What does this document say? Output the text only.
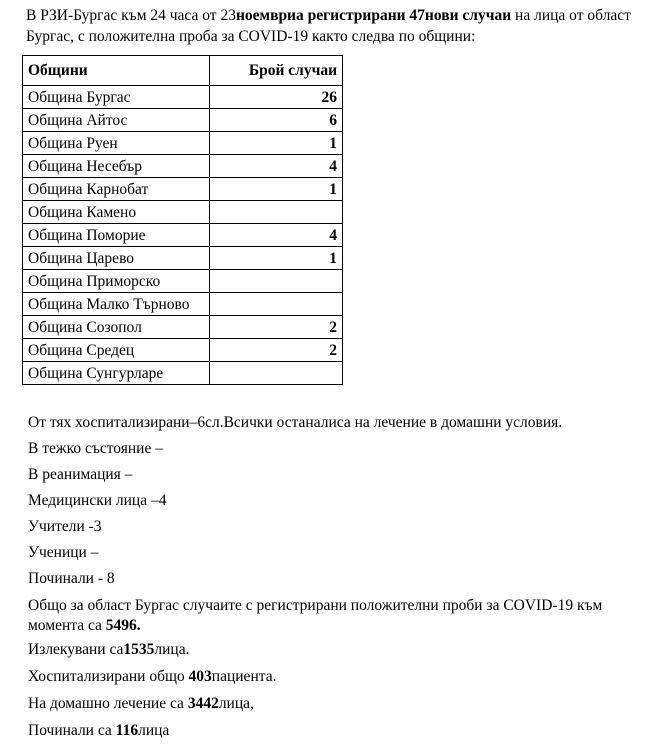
В РЗИ-Бургас към 24 часа от 23ноемвриа регистрирани 47нови случаи на лица от област Бургас, с положителна проба за COVID-19 както следва по общини:

Общини	Брой случаи
Община Бургас	26
Община Айтос	6
Община Руен	1
Община Несебър	4
Община Карнобат	1
Община Камено	
Община Поморие	4
Община Царево	1
Община Приморско	
Община Малко Търново	
Община Созопол	2
Община Средец	2
Община Сунгурларе	

От тях хоспитализирани–6сл.Всички останалиса на лечение в домашни условия.

В тежко състояние –

В реанимация –

Медицински лица –4

Учители -3

Ученици –

Починали - 8

Общо за област Бургас случаите с регистрирани положителни проби за COVID-19 към момента са 5496.

Излекувани са1535лица.

Хоспитализирани общо 403пациента.

На домашно лечение са 3442лица,

Починали са 116лица
